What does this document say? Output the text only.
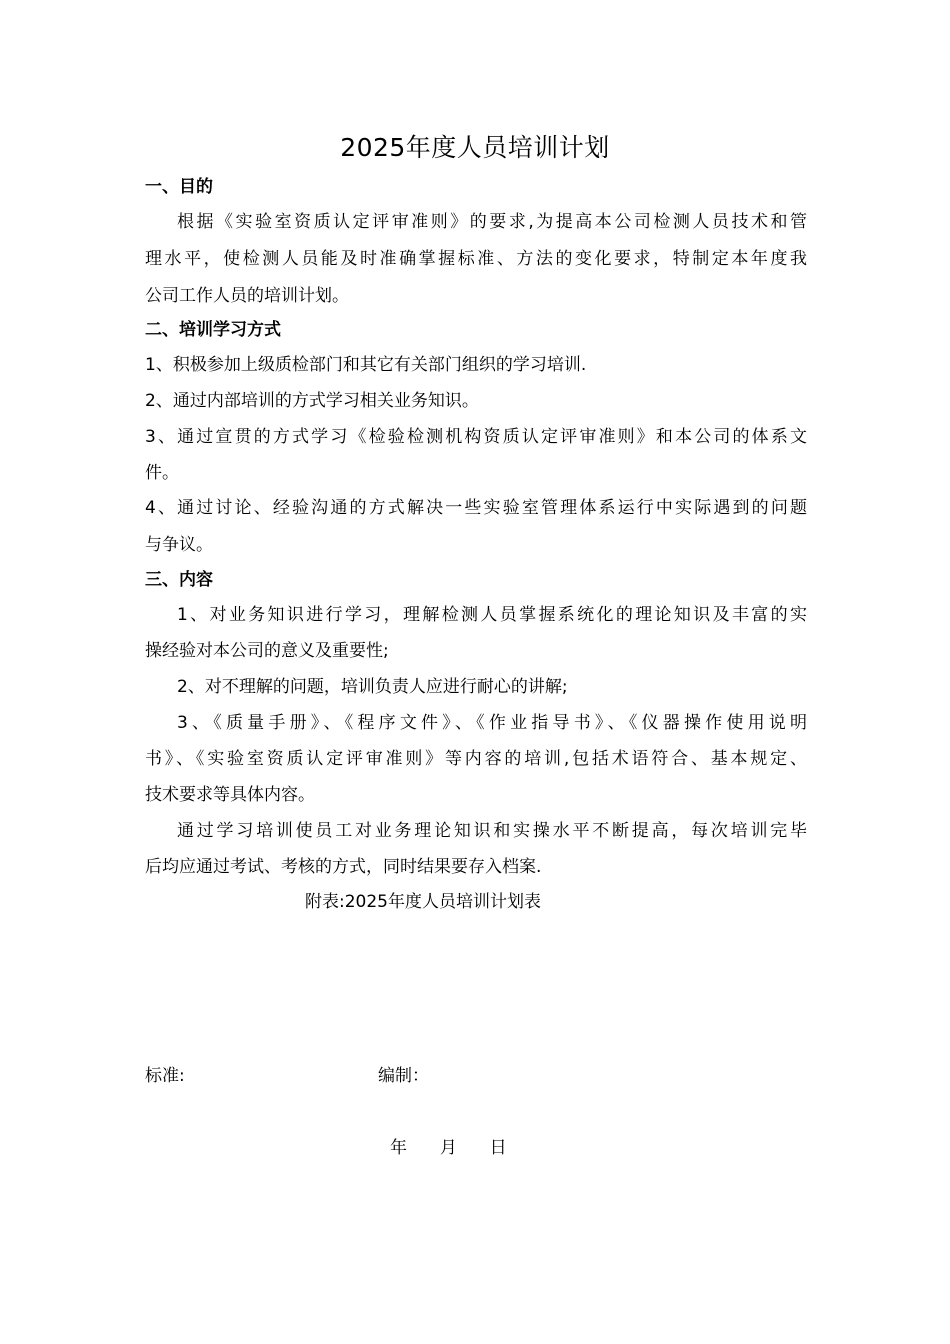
2025年度人员培训计划
一、目的
根据《实验室资质认定评审准则》的要求,为提高本公司检测人员技术和管
理水平，使检测人员能及时准确掌握标准、方法的变化要求，特制定本年度我
公司工作人员的培训计划。
二、培训学习方式
1、积极参加上级质检部门和其它有关部门组织的学习培训.
2、通过内部培训的方式学习相关业务知识。
3、通过宣贯的方式学习《检验检测机构资质认定评审准则》和本公司的体系文
件。
4、通过讨论、经验沟通的方式解决一些实验室管理体系运行中实际遇到的问题
与争议。
三、内容
1、对业务知识进行学习，理解检测人员掌握系统化的理论知识及丰富的实
操经验对本公司的意义及重要性;
2、对不理解的问题，培训负责人应进行耐心的讲解;
3、《质量手册》、《程序文件》、《作业指导书》、《仪器操作使用说明
书》、《实验室资质认定评审准则》等内容的培训,包括术语符合、基本规定、
技术要求等具体内容。
通过学习培训使员工对业务理论知识和实操水平不断提高，每次培训完毕
后均应通过考试、考核的方式，同时结果要存入档案.
附表:2025年度人员培训计划表
标准:	编制：
年 月 日
